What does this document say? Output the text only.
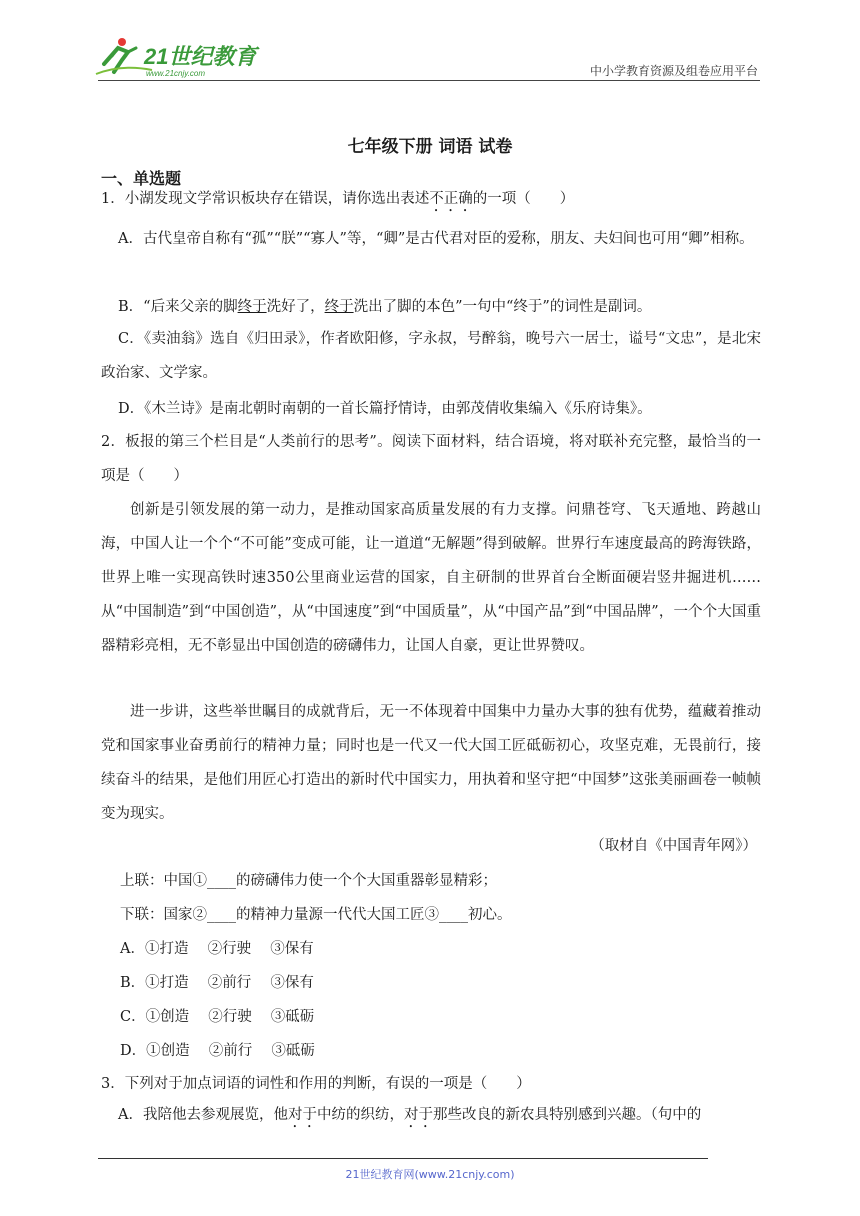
21世纪教育
www.21cnjy.com	中小学教育资源及组卷应用平台
七年级下册 词语 试卷
一、单选题
1．小湖发现文学常识板块存在错误，请你选出表述不正确的一项（　　）
A．古代皇帝自称有“孤”“朕”“寡人”等，“卿”是古代君对臣的爱称，朋友、夫妇间也可用“卿”相称。
B．“后来父亲的脚终于洗好了，终于洗出了脚的本色”一句中“终于”的词性是副词。
C．《卖油翁》选自《归田录》，作者欧阳修，字永叔，号醉翁，晚号六一居士，谥号“文忠”，是北宋政治家、文学家。
D．《木兰诗》是南北朝时南朝的一首长篇抒情诗，由郭茂倩收集编入《乐府诗集》。
2．板报的第三个栏目是“人类前行的思考”。阅读下面材料，结合语境，将对联补充完整，最恰当的一项是（　　）
创新是引领发展的第一动力，是推动国家高质量发展的有力支撑。问鼎苍穹、飞天遁地、跨越山海，中国人让一个个“不可能”变成可能，让一道道“无解题”得到破解。世界行车速度最高的跨海铁路，世界上唯一实现高铁时速350公里商业运营的国家，自主研制的世界首台全断面硬岩竖井掘进机……从“中国制造”到“中国创造”，从“中国速度”到“中国质量”，从“中国产品”到“中国品牌”，一个个大国重器精彩亮相，无不彰显出中国创造的磅礴伟力，让国人自豪，更让世界赞叹。
进一步讲，这些举世瞩目的成就背后，无一不体现着中国集中力量办大事的独有优势，蕴藏着推动党和国家事业奋勇前行的精神力量；同时也是一代又一代大国工匠砥砺初心，攻坚克难，无畏前行，接续奋斗的结果，是他们用匠心打造出的新时代中国实力，用执着和坚守把“中国梦”这张美丽画卷一帧帧变为现实。
（取材自《中国青年网》）
上联：中国①____的磅礴伟力使一个个大国重器彰显精彩；
下联：国家②____的精神力量源一代代大国工匠③____初心。
A．①打造　 ②行驶　 ③保有
B．①打造　 ②前行　 ③保有
C．①创造　 ②行驶　 ③砥砺
D．①创造　 ②前行　 ③砥砺
3．下列对于加点词语的词性和作用的判断，有误的一项是（　　）
A．我陪他去参观展览，他对于中纺的织纺，对于那些改良的新农具特别感到兴趣。（句中的
21世纪教育网(www.21cnjy.com)
